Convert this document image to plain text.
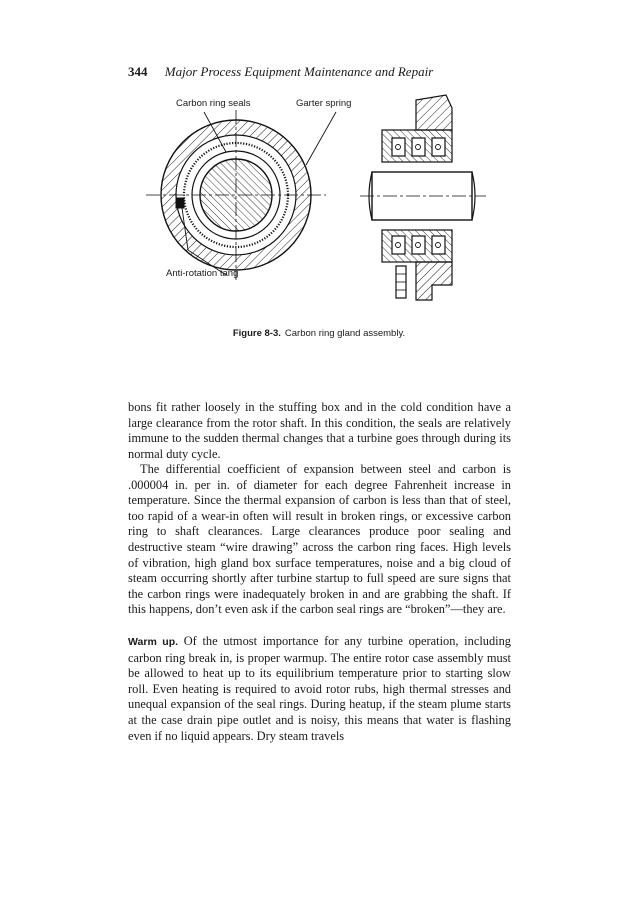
344 Major Process Equipment Maintenance and Repair
Carbon ring seals	Garter spring
Anti-rotation tang
Figure 8-3. Carbon ring gland assembly.

bons fit rather loosely in the stuffing box and in the cold condition have a large clearance from the rotor shaft. In this condition, the seals are relatively immune to the sudden thermal changes that a turbine goes through during its normal duty cycle.

The differential coefficient of expansion between steel and carbon is .000004 in. per in. of diameter for each degree Fahrenheit increase in temperature. Since the thermal expansion of carbon is less than that of steel, too rapid of a wear-in often will result in broken rings, or excessive carbon ring to shaft clearances. Large clearances produce poor sealing and destructive steam “wire drawing” across the carbon ring faces. High levels of vibration, high gland box surface temperatures, noise and a big cloud of steam occurring shortly after turbine startup to full speed are sure signs that the carbon rings were inadequately broken in and are grabbing the shaft. If this happens, don’t even ask if the carbon seal rings are “broken”—they are.

Warm up. Of the utmost importance for any turbine operation, including carbon ring break in, is proper warmup. The entire rotor case assembly must be allowed to heat up to its equilibrium temperature prior to starting slow roll. Even heating is required to avoid rotor rubs, high thermal stresses and unequal expansion of the seal rings. During heatup, if the steam plume starts at the case drain pipe outlet and is noisy, this means that water is flashing even if no liquid appears. Dry steam travels
